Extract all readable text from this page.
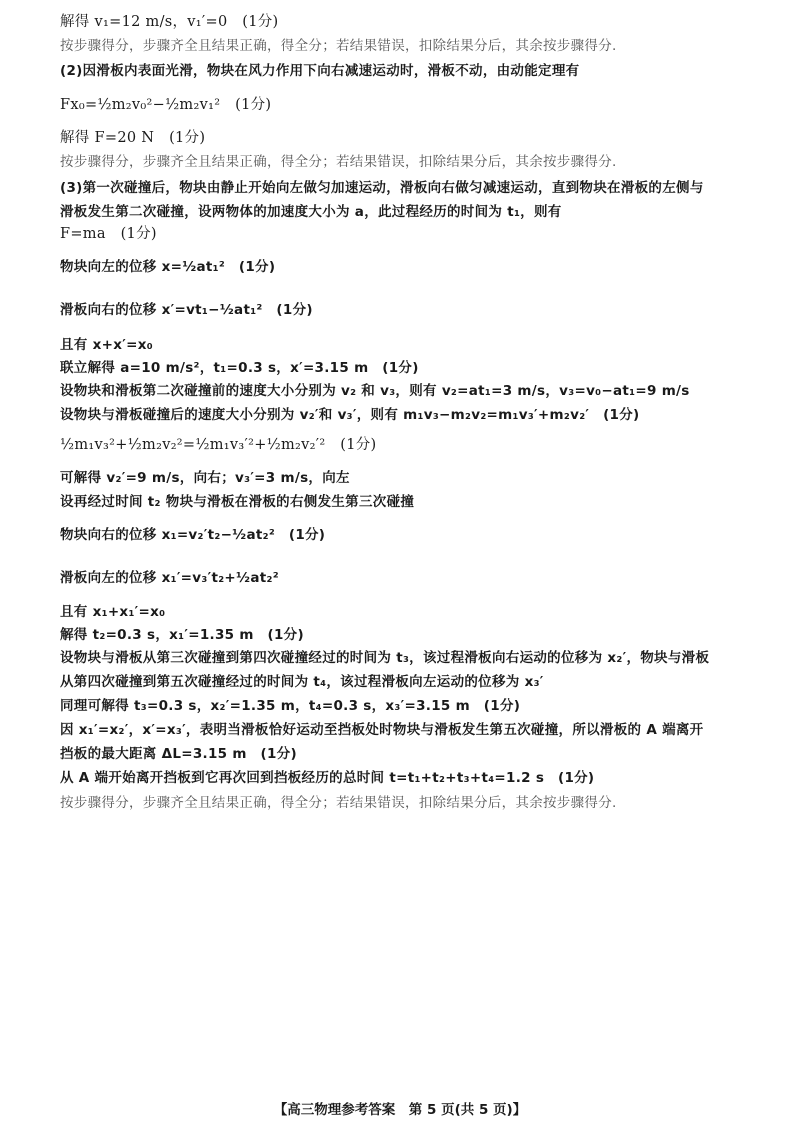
解得 v₁=12 m/s，v₁′=0　(1分)
按步骤得分，步骤齐全且结果正确，得全分；若结果错误，扣除结果分后，其余按步骤得分.
(2)因滑板内表面光滑，物块在风力作用下向右减速运动时，滑板不动，由动能定理有
Fx₀=½m₂v₀²−½m₂v₁²　(1分)
解得 F=20 N　(1分)
按步骤得分，步骤齐全且结果正确，得全分；若结果错误，扣除结果分后，其余按步骤得分.
(3)第一次碰撞后，物块由静止开始向左做匀加速运动，滑板向右做匀减速运动，直到物块在滑板的左侧与
滑板发生第二次碰撞，设两物体的加速度大小为 a，此过程经历的时间为 t₁，则有
F=ma　(1分)
物块向左的位移 x=½at₁²　(1分)
滑板向右的位移 x′=vt₁−½at₁²　(1分)
且有 x+x′=x₀
联立解得 a=10 m/s²，t₁=0.3 s，x′=3.15 m　(1分)
设物块和滑板第二次碰撞前的速度大小分别为 v₂ 和 v₃，则有 v₂=at₁=3 m/s，v₃=v₀−at₁=9 m/s
设物块与滑板碰撞后的速度大小分别为 v₂′和 v₃′，则有 m₁v₃−m₂v₂=m₁v₃′+m₂v₂′　(1分)
½m₁v₃²+½m₂v₂²=½m₁v₃′²+½m₂v₂′²　(1分)
可解得 v₂′=9 m/s，向右；v₃′=3 m/s，向左
设再经过时间 t₂ 物块与滑板在滑板的右侧发生第三次碰撞
物块向右的位移 x₁=v₂′t₂−½at₂²　(1分)
滑板向左的位移 x₁′=v₃′t₂+½at₂²
且有 x₁+x₁′=x₀
解得 t₂=0.3 s，x₁′=1.35 m　(1分)
设物块与滑板从第三次碰撞到第四次碰撞经过的时间为 t₃，该过程滑板向右运动的位移为 x₂′，物块与滑板
从第四次碰撞到第五次碰撞经过的时间为 t₄，该过程滑板向左运动的位移为 x₃′
同理可解得 t₃=0.3 s，x₂′=1.35 m，t₄=0.3 s，x₃′=3.15 m　(1分)
因 x₁′=x₂′，x′=x₃′，表明当滑板恰好运动至挡板处时物块与滑板发生第五次碰撞，所以滑板的 A 端离开
挡板的最大距离 ΔL=3.15 m　(1分)
从 A 端开始离开挡板到它再次回到挡板经历的总时间 t=t₁+t₂+t₃+t₄=1.2 s　(1分)
按步骤得分，步骤齐全且结果正确，得全分；若结果错误，扣除结果分后，其余按步骤得分.
【高三物理参考答案　第 5 页(共 5 页)】
